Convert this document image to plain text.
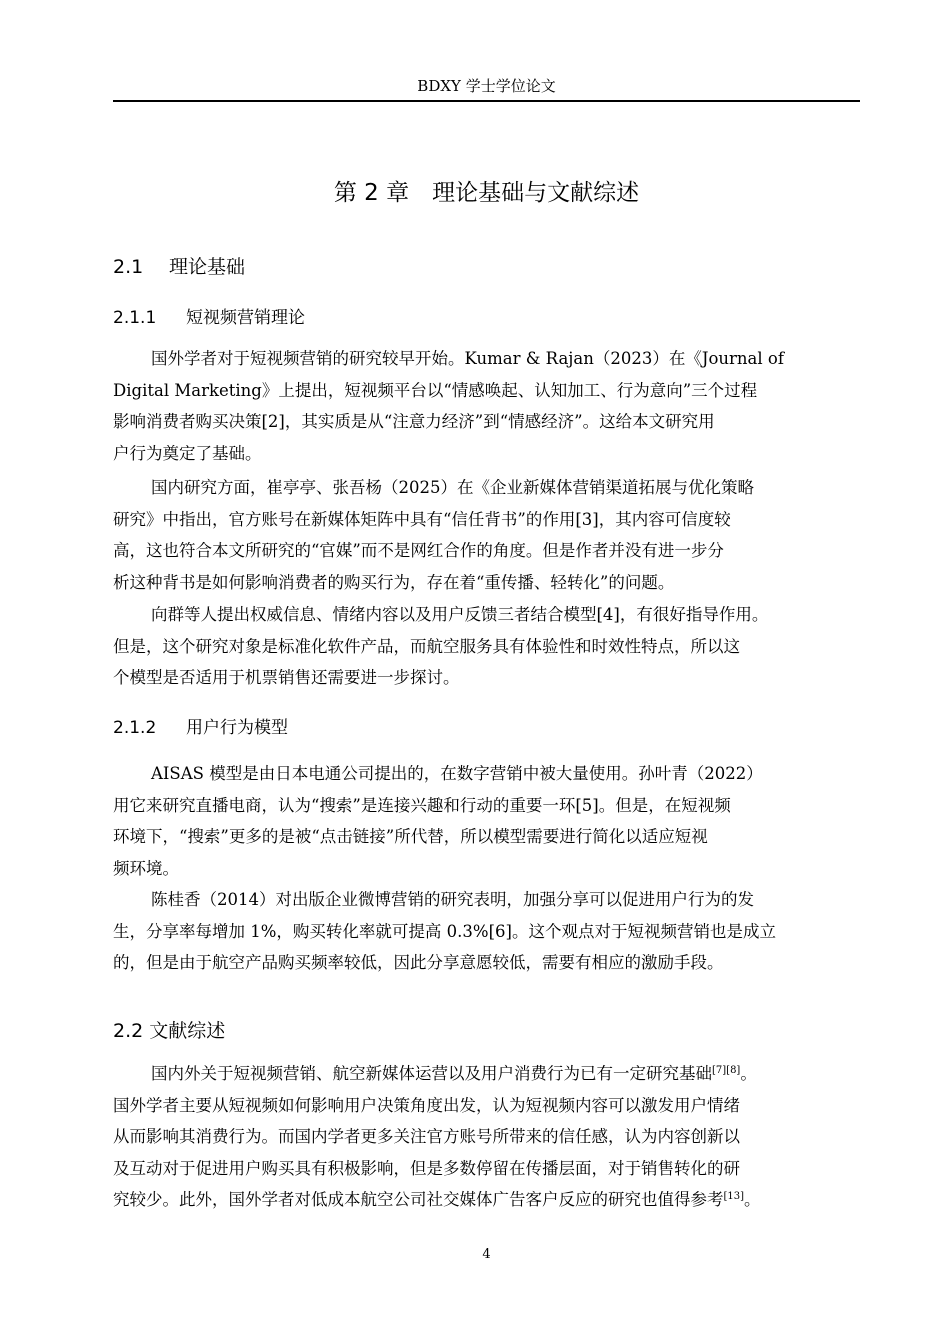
BDXY 学士学位论文
第 2 章　理论基础与文献综述
2.1 理论基础
2.1.1 短视频营销理论
国外学者对于短视频营销的研究较早开始。Kumar & Rajan（2023）在《Journal of
Digital Marketing》上提出，短视频平台以“情感唤起、认知加工、行为意向”三个过程
影响消费者购买决策[2]，其实质是从“注意力经济”到“情感经济”。这给本文研究用
户行为奠定了基础。
国内研究方面，崔亭亭、张吾杨（2025）在《企业新媒体营销渠道拓展与优化策略
研究》中指出，官方账号在新媒体矩阵中具有“信任背书”的作用[3]，其内容可信度较
高，这也符合本文所研究的“官媒”而不是网红合作的角度。但是作者并没有进一步分
析这种背书是如何影响消费者的购买行为，存在着“重传播、轻转化”的问题。
向群等人提出权威信息、情绪内容以及用户反馈三者结合模型[4]，有很好指导作用。
但是，这个研究对象是标准化软件产品，而航空服务具有体验性和时效性特点，所以这
个模型是否适用于机票销售还需要进一步探讨。
2.1.2 用户行为模型
AISAS 模型是由日本电通公司提出的，在数字营销中被大量使用。孙叶青（2022）
用它来研究直播电商，认为“搜索”是连接兴趣和行动的重要一环[5]。但是，在短视频
环境下，“搜索”更多的是被“点击链接”所代替，所以模型需要进行简化以适应短视
频环境。
陈桂香（2014）对出版企业微博营销的研究表明，加强分享可以促进用户行为的发
生，分享率每增加 1%，购买转化率就可提高 0.3%[6]。这个观点对于短视频营销也是成立
的，但是由于航空产品购买频率较低，因此分享意愿较低，需要有相应的激励手段。
2.2 文献综述
国内外关于短视频营销、航空新媒体运营以及用户消费行为已有一定研究基础[7][8]。
国外学者主要从短视频如何影响用户决策角度出发，认为短视频内容可以激发用户情绪
从而影响其消费行为。而国内学者更多关注官方账号所带来的信任感，认为内容创新以
及互动对于促进用户购买具有积极影响，但是多数停留在传播层面，对于销售转化的研
究较少。此外，国外学者对低成本航空公司社交媒体广告客户反应的研究也值得参考[13]。
4
